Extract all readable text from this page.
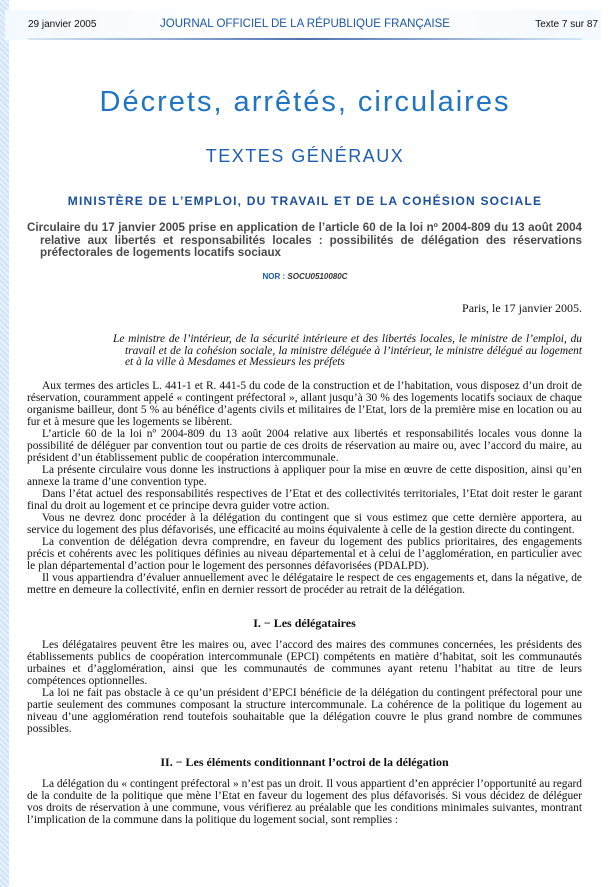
29 janvier 2005	JOURNAL OFFICIEL DE LA RÉPUBLIQUE FRANÇAISE	Texte 7 sur 87
Décrets, arrêtés, circulaires
TEXTES GÉNÉRAUX
MINISTÈRE DE L’EMPLOI, DU TRAVAIL ET DE LA COHÉSION SOCIALE
Circulaire du 17 janvier 2005 prise en application de l’article 60 de la loi nº 2004-809 du 13 août 2004 relative aux libertés et responsabilités locales : possibilités de délégation des réservations préfectorales de logements locatifs sociaux
NOR : SOCU0510080C
Paris, le 17 janvier 2005.
Le ministre de l’intérieur, de la sécurité intérieure et des libertés locales, le ministre de l’emploi, du travail et de la cohésion sociale, la ministre déléguée à l’intérieur, le ministre délégué au logement et à la ville à Mesdames et Messieurs les préfets

Aux termes des articles L. 441-1 et R. 441-5 du code de la construction et de l’habitation, vous disposez d’un droit de réservation, couramment appelé « contingent préfectoral », allant jusqu’à 30 % des logements locatifs sociaux de chaque organisme bailleur, dont 5 % au bénéfice d’agents civils et militaires de l’Etat, lors de la première mise en location ou au fur et à mesure que les logements se libèrent.

L’article 60 de la loi nº 2004-809 du 13 août 2004 relative aux libertés et responsabilités locales vous donne la possibilité de déléguer par convention tout ou partie de ces droits de réservation au maire ou, avec l’accord du maire, au président d’un établissement public de coopération intercommunale.

La présente circulaire vous donne les instructions à appliquer pour la mise en œuvre de cette disposition, ainsi qu’en annexe la trame d’une convention type.

Dans l’état actuel des responsabilités respectives de l’Etat et des collectivités territoriales, l’Etat doit rester le garant final du droit au logement et ce principe devra guider votre action.

Vous ne devrez donc procéder à la délégation du contingent que si vous estimez que cette dernière apportera, au service du logement des plus défavorisés, une efficacité au moins équivalente à celle de la gestion directe du contingent.

La convention de délégation devra comprendre, en faveur du logement des publics prioritaires, des engagements précis et cohérents avec les politiques définies au niveau départemental et à celui de l’agglomération, en particulier avec le plan départemental d’action pour le logement des personnes défavorisées (PDALPD).

Il vous appartiendra d’évaluer annuellement avec le délégataire le respect de ces engagements et, dans la négative, de mettre en demeure la collectivité, enfin en dernier ressort de procéder au retrait de la délégation.

I. − Les délégataires

Les délégataires peuvent être les maires ou, avec l’accord des maires des communes concernées, les présidents des établissements publics de coopération intercommunale (EPCI) compétents en matière d’habitat, soit les communautés urbaines et d’agglomération, ainsi que les communautés de communes ayant retenu l’habitat au titre de leurs compétences optionnelles.

La loi ne fait pas obstacle à ce qu’un président d’EPCI bénéficie de la délégation du contingent préfectoral pour une partie seulement des communes composant la structure intercommunale. La cohérence de la politique du logement au niveau d’une agglomération rend toutefois souhaitable que la délégation couvre le plus grand nombre de communes possibles.

II. − Les éléments conditionnant l’octroi de la délégation

La délégation du « contingent préfectoral » n’est pas un droit. Il vous appartient d’en apprécier l’opportunité au regard de la conduite de la politique que mène l’Etat en faveur du logement des plus défavorisés. Si vous décidez de déléguer vos droits de réservation à une commune, vous vérifierez au préalable que les conditions minimales suivantes, montrant l’implication de la commune dans la politique du logement social, sont remplies :
